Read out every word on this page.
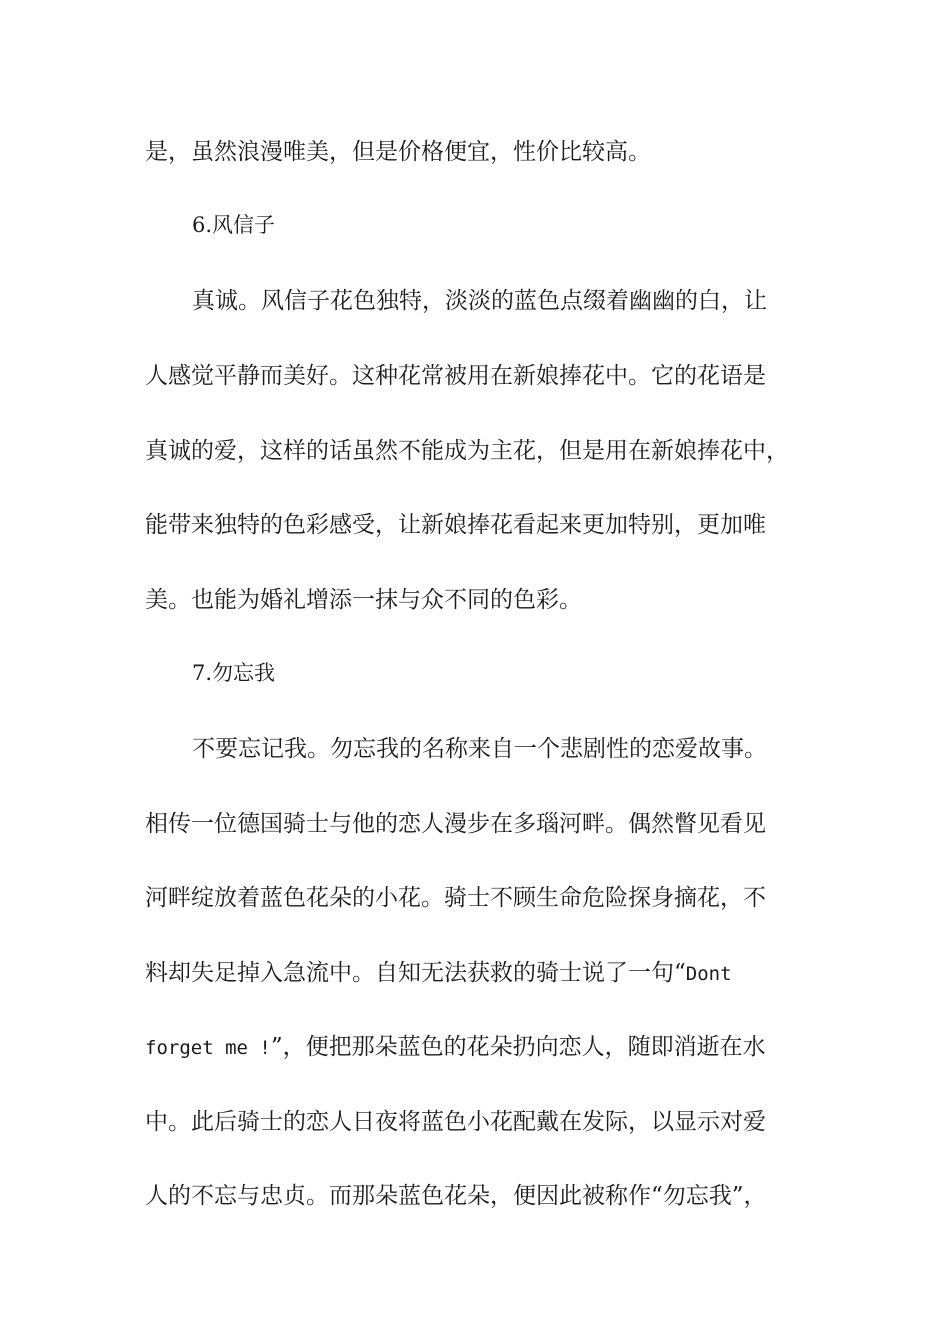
是，虽然浪漫唯美，但是价格便宜，性价比较高。
6.风信子
真诚。风信子花色独特，淡淡的蓝色点缀着幽幽的白，让
人感觉平静而美好。这种花常被用在新娘捧花中。它的花语是
真诚的爱，这样的话虽然不能成为主花，但是用在新娘捧花中，
能带来独特的色彩感受，让新娘捧花看起来更加特别，更加唯
美。也能为婚礼增添一抹与众不同的色彩。
7.勿忘我
不要忘记我。勿忘我的名称来自一个悲剧性的恋爱故事。
相传一位德国骑士与他的恋人漫步在多瑙河畔。偶然瞥见看见
河畔绽放着蓝色花朵的小花。骑士不顾生命危险探身摘花，不
料却失足掉入急流中。自知无法获救的骑士说了一句“Dont
forget me !”，便把那朵蓝色的花朵扔向恋人，随即消逝在水
中。此后骑士的恋人日夜将蓝色小花配戴在发际，以显示对爱
人的不忘与忠贞。而那朵蓝色花朵，便因此被称作“勿忘我”，
